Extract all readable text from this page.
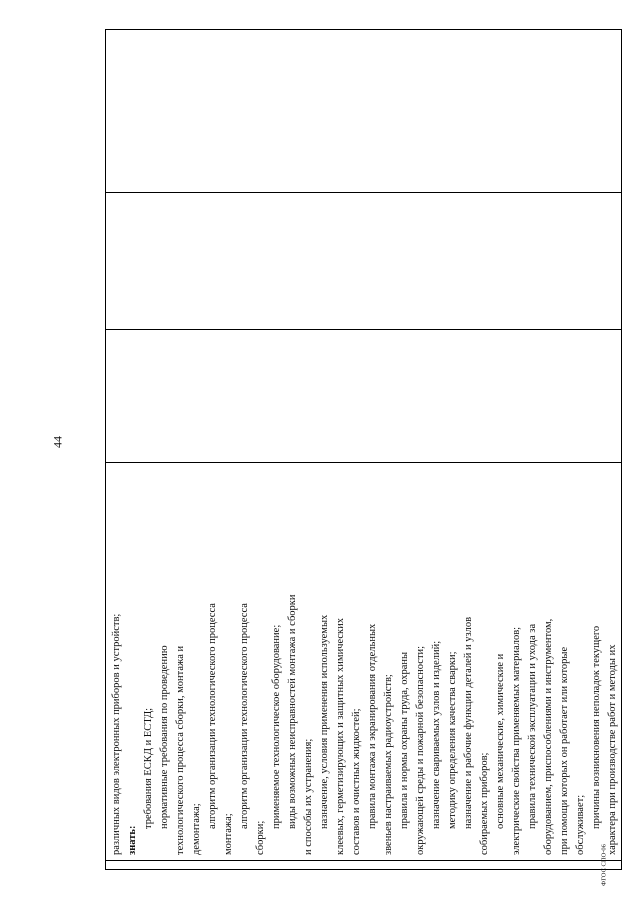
44

различных видов электронных приборов и устройств; знать:
требования ЕСКД и ЕСТД; нормативные требования по проведению технологического процесса сборки, монтажа и демонтажа;
алгоритм организации технологического процесса
монтажа;
алгоритм организации технологического процесса
сборки;
применяемое технологическое оборудование; виды возможных неисправностей монтажа и сборки и способы их устранения; назначение, условия применения используемых клеевых, герметизирующих и защитных химических составов и очистных жидкостей; правила монтажа и экранирования отдельных звеньев настраиваемых радиоустройств; правила и нормы охраны труда, охраны окружающей среды и пожарной безопасности; назначение свариваемых узлов и изделий; методику определения качества сварки; назначение и рабочие функции деталей и узлов собираемых приборов; основные механические, химические и электрические свойства применяемых материалов; правила технической эксплуатации и ухода за оборудованием, приспособлениями и инструментом, при помощи которых он работает или которые обслуживает; причины возникновения неполадок текущего характера при производстве работ и методы их

ФГОС СПО-06
